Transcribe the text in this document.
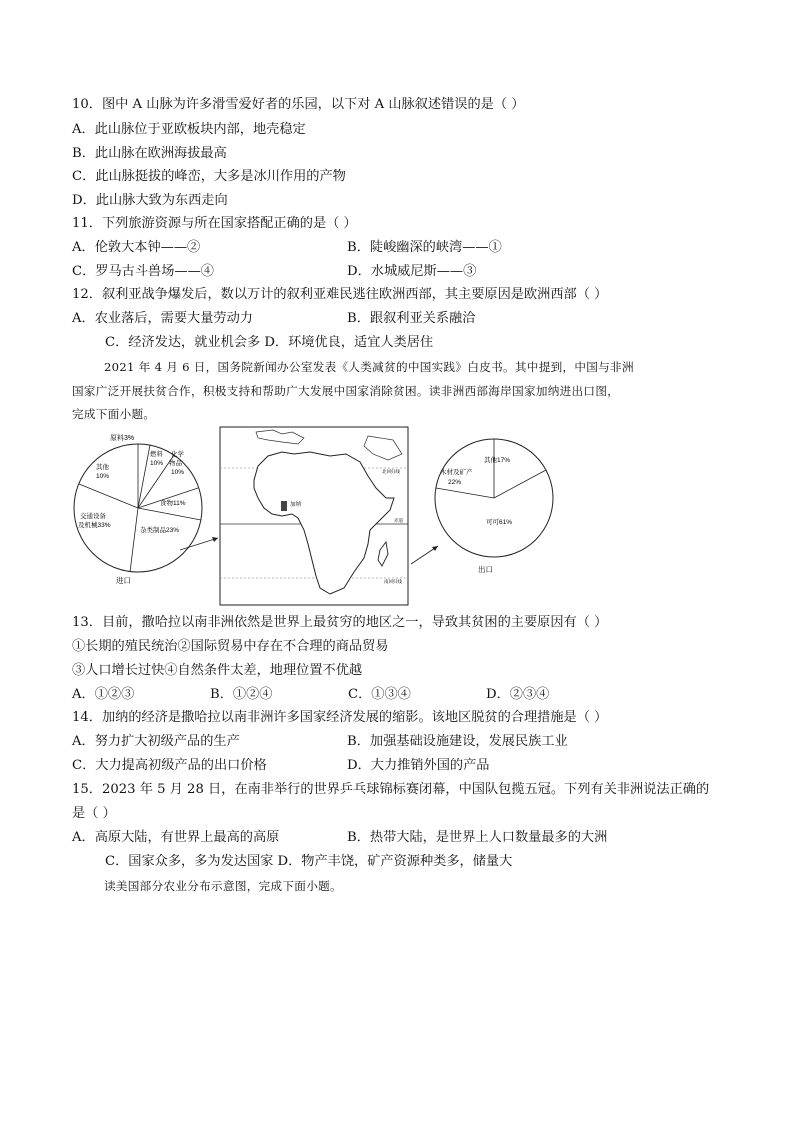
10．图中 A 山脉为许多滑雪爱好者的乐园，以下对 A 山脉叙述错误的是（ ）
A．此山脉位于亚欧板块内部，地壳稳定
B．此山脉在欧洲海拔最高
C．此山脉挺拔的峰峦，大多是冰川作用的产物
D．此山脉大致为东西走向
11．下列旅游资源与所在国家搭配正确的是（ ）
A．伦敦大本钟——②	B．陡峻幽深的峡湾——①
C．罗马古斗兽场——④	D．水城威尼斯——③
12．叙利亚战争爆发后，数以万计的叙利亚难民逃往欧洲西部，其主要原因是欧洲西部（ ）
A．农业落后，需要大量劳动力	B．跟叙利亚关系融洽
C．经济发达，就业机会多 D．环境优良，适宜人类居住
2021 年 4 月 6 日，国务院新闻办公室发表《人类减贫的中国实践》白皮书。其中提到，中国与非洲
国家广泛开展扶贫合作，积极支持和帮助广大发展中国家消除贫困。读非洲西部海岸国家加纳进出口图，
完成下面小题。
原料3%
燃料
10%
化学
物品
10%
食物11%
杂类制品23%
交通设备
及机械33%
其他
10%
进口
加纳
北回归线
赤道
南回归线
其他17%
木材及矿产
22%
可可61%
出口
13．目前，撒哈拉以南非洲依然是世界上最贫穷的地区之一，导致其贫困的主要原因有（ ）
①长期的殖民统治②国际贸易中存在不合理的商品贸易
③人口增长过快④自然条件太差，地理位置不优越
A．①②③	B．①②④	C．①③④	D．②③④
14．加纳的经济是撒哈拉以南非洲许多国家经济发展的缩影。该地区脱贫的合理措施是（ ）
A．努力扩大初级产品的生产	B．加强基础设施建设，发展民族工业
C．大力提高初级产品的出口价格	D．大力推销外国的产品
15．2023 年 5 月 28 日，在南非举行的世界乒乓球锦标赛闭幕，中国队包揽五冠。下列有关非洲说法正确的
是（ ）
A．高原大陆，有世界上最高的高原	B．热带大陆，是世界上人口数量最多的大洲
C．国家众多，多为发达国家 D．物产丰饶，矿产资源种类多，储量大
读美国部分农业分布示意图，完成下面小题。
